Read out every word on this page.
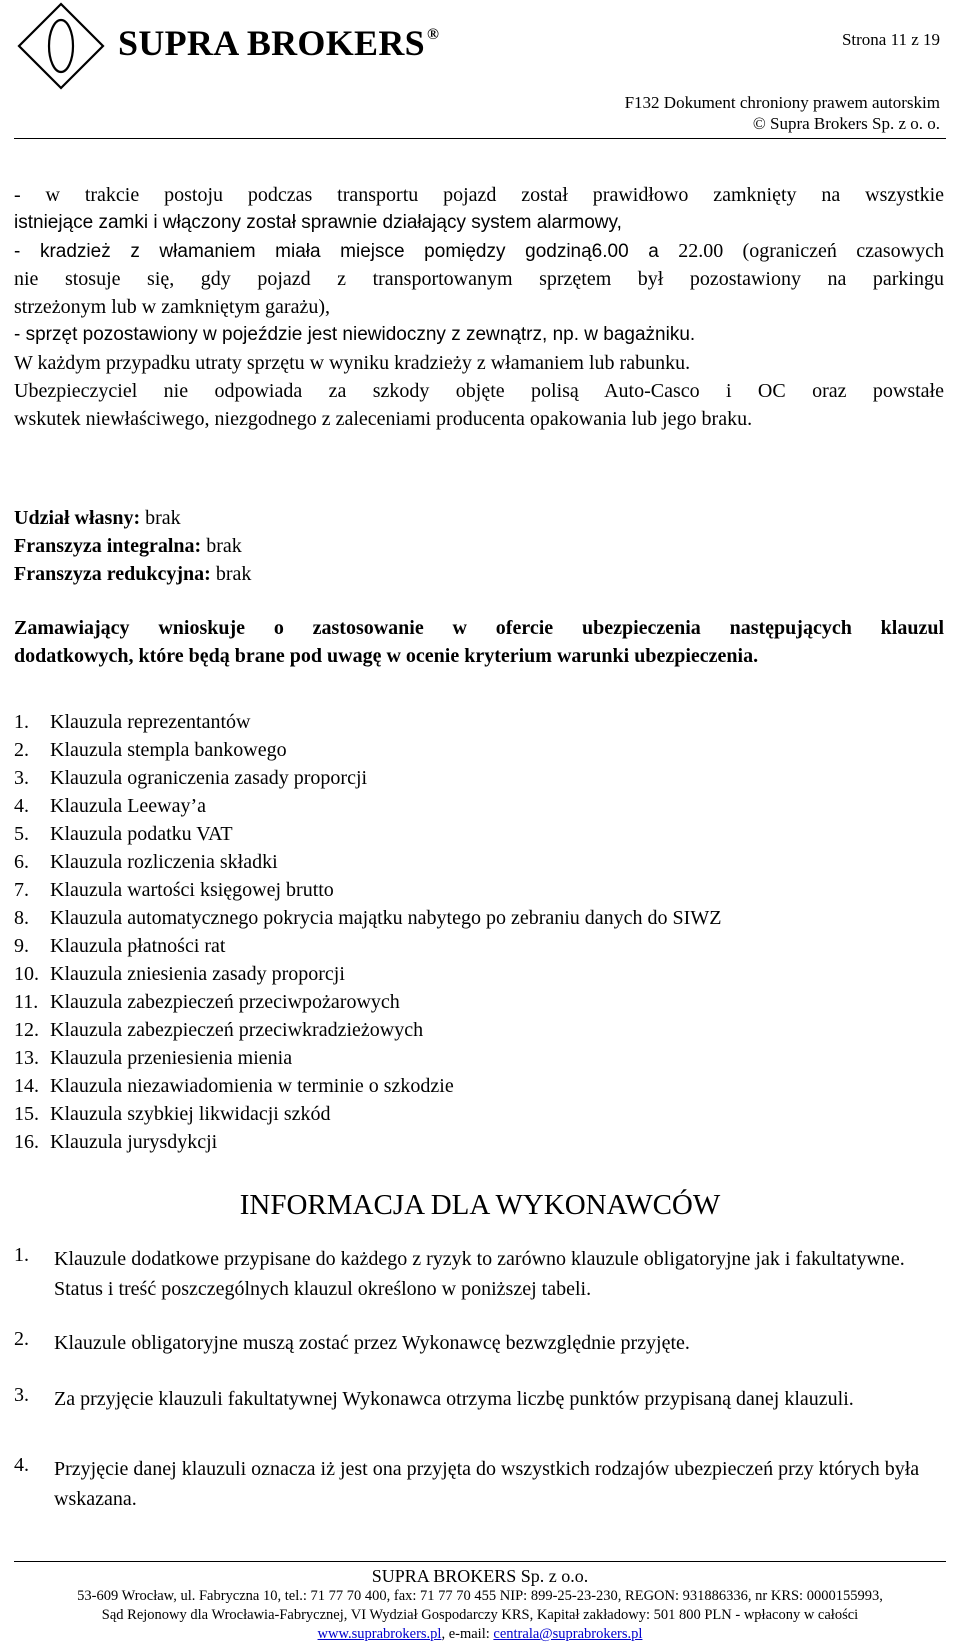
SUPRA BROKERS ®	Strona 11 z 19
F132 Dokument chroniony prawem autorskim
© Supra Brokers Sp. z o. o.
- w trakcie postoju podczas transportu pojazd został prawidłowo zamknięty na wszystkie
istniejące zamki i włączony został sprawnie działający system alarmowy,
- kradzież z włamaniem miała miejsce pomiędzy godziną6.00 a 22.00 (ograniczeń czasowych
nie stosuje się, gdy pojazd z transportowanym sprzętem był pozostawiony na parkingu
strzeżonym lub w zamkniętym garażu),
- sprzęt pozostawiony w pojeździe jest niewidoczny z zewnątrz, np. w bagażniku.
W każdym przypadku utraty sprzętu w wyniku kradzieży z włamaniem lub rabunku.
Ubezpieczyciel nie odpowiada za szkody objęte polisą Auto-Casco i OC oraz powstałe
wskutek niewłaściwego, niezgodnego z zaleceniami producenta opakowania lub jego braku.
Udział własny: brak
Franszyza integralna: brak
Franszyza redukcyjna: brak
Zamawiający wnioskuje o zastosowanie w ofercie ubezpieczenia następujących klauzul
dodatkowych, które będą brane pod uwagę w ocenie kryterium warunki ubezpieczenia.
1. Klauzula reprezentantów
2. Klauzula stempla bankowego
3. Klauzula ograniczenia zasady proporcji
4. Klauzula Leeway’a
5. Klauzula podatku VAT
6. Klauzula rozliczenia składki
7. Klauzula wartości księgowej brutto
8. Klauzula automatycznego pokrycia majątku nabytego po zebraniu danych do SIWZ
9. Klauzula płatności rat
10. Klauzula zniesienia zasady proporcji
11. Klauzula zabezpieczeń przeciwpożarowych
12. Klauzula zabezpieczeń przeciwkradzieżowych
13. Klauzula przeniesienia mienia
14. Klauzula niezawiadomienia w terminie o szkodzie
15. Klauzula szybkiej likwidacji szkód
16. Klauzula jurysdykcji
INFORMACJA DLA WYKONAWCÓW
1.	Klauzule dodatkowe przypisane do każdego z ryzyk to zarówno klauzule obligatoryjne jak i fakultatywne. Status i treść poszczególnych klauzul określono w poniższej tabeli.
2.	Klauzule obligatoryjne muszą zostać przez Wykonawcę bezwzględnie przyjęte.
3.	Za przyjęcie klauzuli fakultatywnej Wykonawca otrzyma liczbę punktów przypisaną danej klauzuli.
4.	Przyjęcie danej klauzuli oznacza iż jest ona przyjęta do wszystkich rodzajów ubezpieczeń przy których była wskazana.
SUPRA BROKERS Sp. z o.o.
53-609 Wrocław, ul. Fabryczna 10, tel.: 71 77 70 400, fax: 71 77 70 455 NIP: 899-25-23-230, REGON: 931886336, nr KRS: 0000155993,
Sąd Rejonowy dla Wrocławia-Fabrycznej, VI Wydział Gospodarczy KRS, Kapitał zakładowy: 501 800 PLN - wpłacony w całości
www.suprabrokers.pl, e-mail: centrala@suprabrokers.pl
